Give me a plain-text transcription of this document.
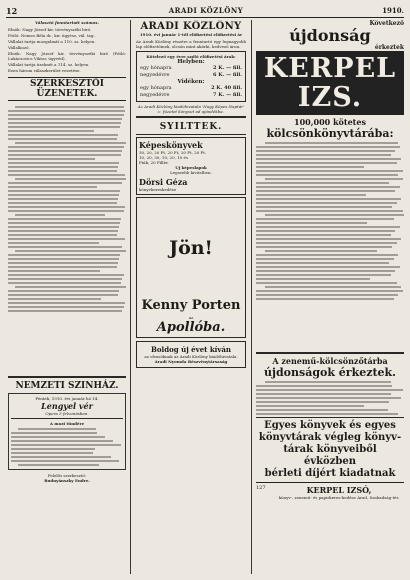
12	ARADI KÖZLÖNY	1910.
Választó fenntartott számos.
Elnök: Nagy József kir. törvényszéki biró.
Pótló: Nemes Béla dr., kir. ügyész, vál. tag.
Vállalat tartja mozgalmát a 110. sz. helyen.
Vállalkozó.
Elnök: Nagy József kir. törvényszéki biró (Pótló: Lukácsovics Viktor, ügyvéd).
Vállalat tartja üzelmét a 114. sz. helyen.
Ezen három válaszkerület vezetése.
SZERKESZTŐI ÜZENETEK.
NEMZETI SZINHÁZ.
Péntek, 1910. évi január hó 14.
Lengyel vér
Opera 3 felvonásban.
A mozi tündére
Felelős szerkesztő:
Rudnyánszky Endre.
ARADI KÖZLÖNY
1910. évi január 1-től előfizetési előfizetési ár
Az Aradi Közlöny részére a fenntartó egy legnagyobb lap előfizetőinek, olcsón mint akárki, kedvező áron.
Kötelező egy évre szóló előfizetési árak:
Helyben:
egy hónapra	2 K. — fill.
negyedévre	6 K. — fill.
Vidéken:
egy hónapra	2 K. 40 fill.
negyedévre	7 K. — fill.
Az Aradi Közlöny kiadóhivatala 'Nagy Képes Naptár' c. füzetet könyvet ad ajándékba.
SYILTTEK.
Képeskönyvek
30, 20, 20 Ft, 20 Ft, 20 Ft, 20 Ft.
10, 20, 30, 10, 20, 10 és
Fiúk, 20 Fillér.
Uj képeslapok
Legszebb kivitelben.
Dörsi Géza
könyvkereskedése
Jön!
Kenny Porten
az
Apollóba.
Boldog új évet kíván
az olvasóknak az Aradi Közlöny kiadóhivatala.
Aradi Nyomda Részvénytársaság
Következő
újdonság
érkeztek
KERPEL IZS.
100,000 kötetes
kölcsönkönyvtárába:
A zenemű-kölcsönzőtárba
újdonságok érkeztek.
Egyes könyvek és egyes
könyvtárak végleg könyv-
tárak könyveiből évközben
bérleti díjért kiadatnak
127	KERPEL IZSÓ,
könyv-, zenemű- és papirkeres-kedése Arad, Szabadság-tér.
